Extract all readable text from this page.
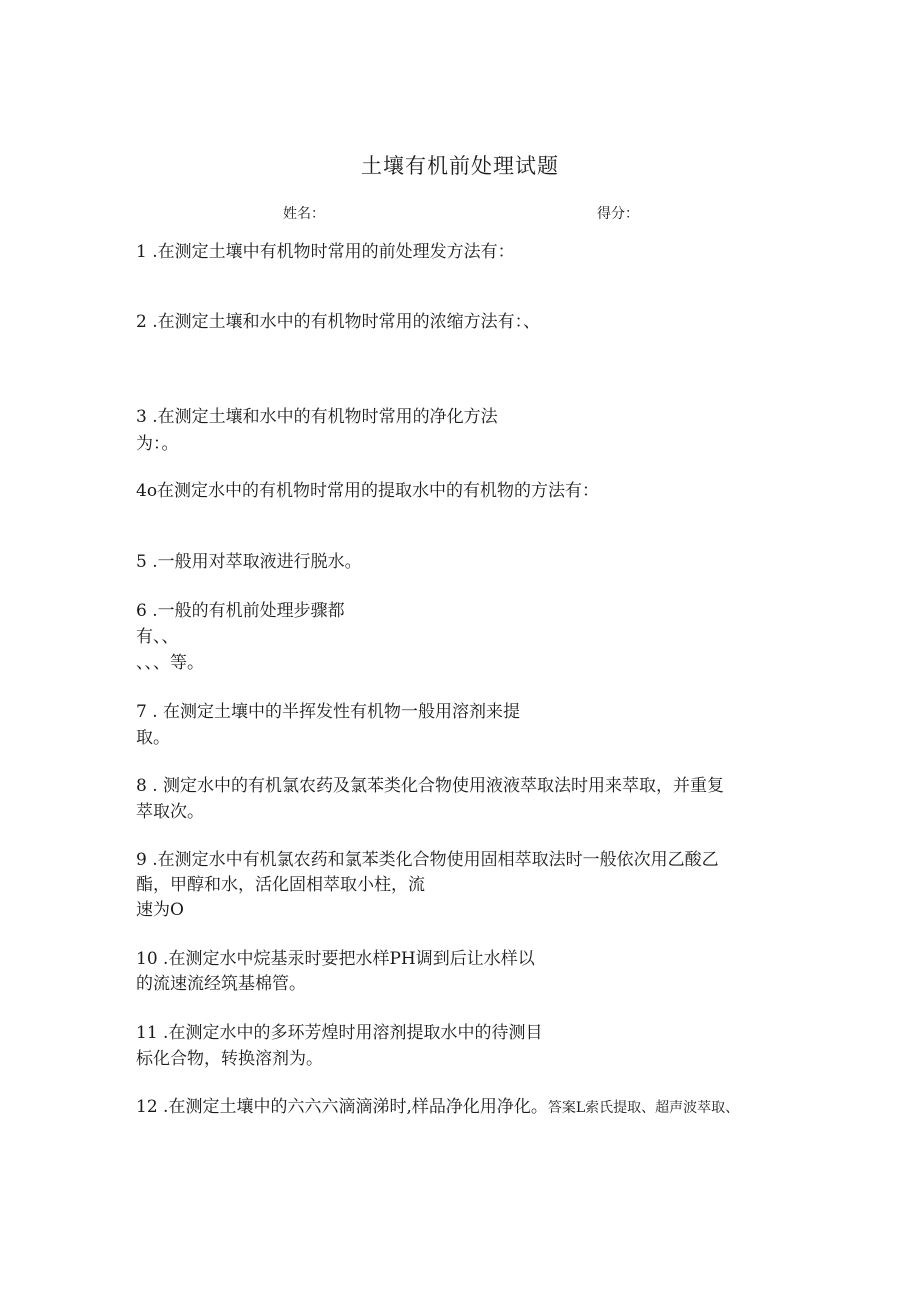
土壤有机前处理试题
姓名：	得分：
1 .在测定土壤中有机物时常用的前处理发方法有：
2 .在测定土壤和水中的有机物时常用的浓缩方法有：、
3 .在测定土壤和水中的有机物时常用的净化方法
为：。
4o在测定水中的有机物时常用的提取水中的有机物的方法有：
5 .一般用对萃取液进行脱水。
6 .一般的有机前处理步骤都
有、、
、、、等。
7 . 在测定土壤中的半挥发性有机物一般用溶剂来提
取。
8 . 测定水中的有机氯农药及氯苯类化合物使用液液萃取法时用来萃取，并重复
萃取次。
9 .在测定水中有机氯农药和氯苯类化合物使用固相萃取法时一般依次用乙酸乙
酯，甲醇和水，活化固相萃取小柱，流
速为O
10 .在测定水中烷基汞时要把水样PH调到后让水样以
的流速流经筑基棉管。
11 .在测定水中的多环芳煌时用溶剂提取水中的待测目
标化合物，转换溶剂为。
12 .在测定土壤中的六六六滴滴涕时,样品净化用净化。答案L索氏提取、超声波萃取、
